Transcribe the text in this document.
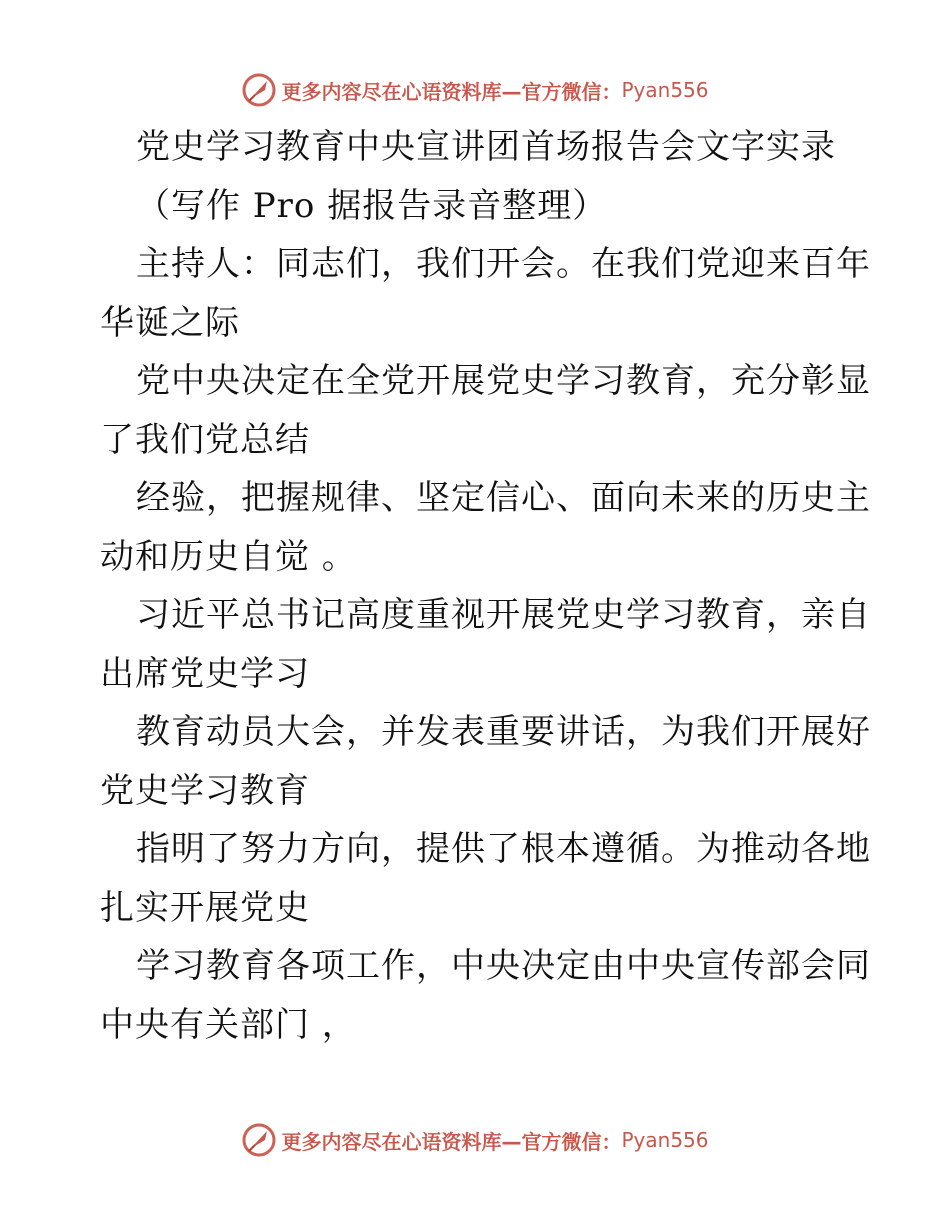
更多内容尽在心语资料库—官方微信： Pyan556
党史学习教育中央宣讲团首场报告会文字实录
（写作 Pro 据报告录音整理）
主持人：同志们，我们开会。在我们党迎来百年
华诞之际
党中央决定在全党开展党史学习教育，充分彰显
了我们党总结
经验，把握规律、坚定信心、面向未来的历史主
动和历史自觉 。
习近平总书记高度重视开展党史学习教育，亲自
出席党史学习
教育动员大会，并发表重要讲话，为我们开展好
党史学习教育
指明了努力方向，提供了根本遵循。为推动各地
扎实开展党史
学习教育各项工作，中央决定由中央宣传部会同
中央有关部门 ，
更多内容尽在心语资料库—官方微信： Pyan556
